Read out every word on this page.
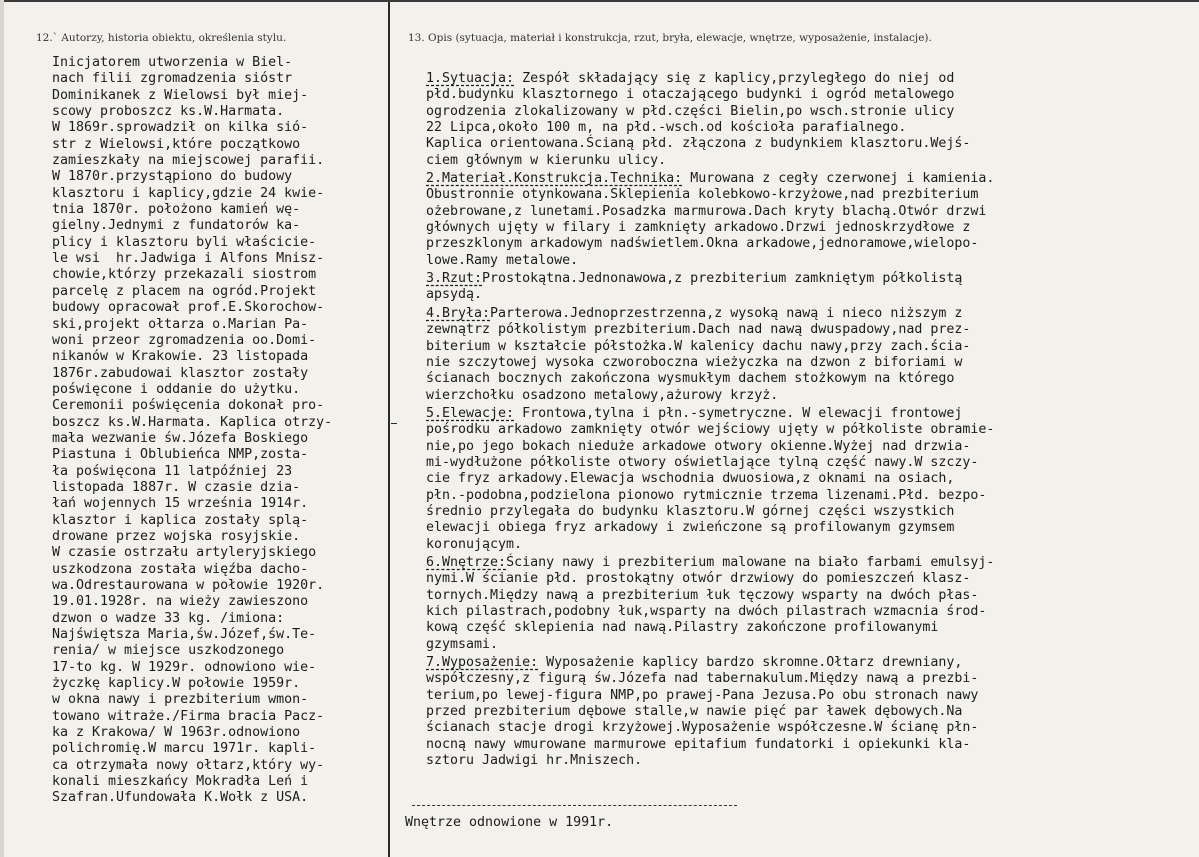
12.` Autorzy, historia obiektu, określenia stylu.	13. Opis (sytuacja, materiał i konstrukcja, rzut, bryła, elewacje, wnętrze, wyposażenie, instalacje).
Inicjatorem utworzenia w Biel-
nach filii zgromadzenia sióstr
Dominikanek z Wielowsi był miej-
scowy proboszcz ks.W.Harmata.
W 1869r.sprowadził on kilka sió-
str z Wielowsi,które początkowo
zamieszkały na miejscowej parafii.
W 1870r.przystąpiono do budowy
klasztoru i kaplicy,gdzie 24 kwie-
tnia 1870r. położono kamień wę-
gielny.Jednymi z fundatorów ka-
plicy i klasztoru byli właścicie-
le wsi  hr.Jadwiga i Alfons Mnisz-
chowie,którzy przekazali siostrom
parcelę z placem na ogród.Projekt
budowy opracował prof.E.Skorochow-
ski,projekt ołtarza o.Marian Pa-
woni przeor zgromadzenia oo.Domi-
nikanów w Krakowie. 23 listopada
1876r.zabudowai klasztor zostały
poświęcone i oddanie do użytku.
Ceremonii poświęcenia dokonał pro-
boszcz ks.W.Harmata. Kaplica otrzy-
mała wezwanie św.Józefa Boskiego
Piastuna i Oblubieńca NMP,zosta-
ła poświęcona 11 latpóźniej 23
listopada 1887r. W czasie dzia-
łań wojennych 15 września 1914r.
klasztor i kaplica zostały splą-
drowane przez wojska rosyjskie.
W czasie ostrzału artyleryjskiego
uszkodzona została więźba dacho-
wa.Odrestaurowana w połowie 1920r.
19.01.1928r. na wieży zawieszono
dzwon o wadze 33 kg. /imiona:
Najświętsza Maria,św.Józef,św.Te-
renia/ w miejsce uszkodzonego
17-to kg. W 1929r. odnowiono wie-
życzkę kaplicy.W połowie 1959r.
w okna nawy i prezbiterium wmon-
towano witraże./Firma bracia Pacz-
ka z Krakowa/ W 1963r.odnowiono
polichromię.W marcu 1971r. kapli-
ca otrzymała nowy ołtarz,który wy-
konali mieszkańcy Mokradła Leń i
Szafran.Ufundowała K.Wołk z USA.
1.Sytuacja: Zespół składający się z kaplicy,przyległego do niej od
płd.budynku klasztornego i otaczającego budynki i ogród metalowego
ogrodzenia zlokalizowany w płd.części Bielin,po wsch.stronie ulicy
22 Lipca,około 100 m, na płd.-wsch.od kościoła parafialnego.
Kaplica orientowana.Ścianą płd. złączona z budynkiem klasztoru.Wejś-
ciem głównym w kierunku ulicy.
2.Materiał.Konstrukcja.Technika: Murowana z cegły czerwonej i kamienia.
Obustronnie otynkowana.Sklepienia kolebkowo-krzyżowe,nad prezbiterium
ożebrowane,z lunetami.Posadzka marmurowa.Dach kryty blachą.Otwór drzwi
głównych ujęty w filary i zamknięty arkadowo.Drzwi jednoskrzydłowe z
przeszklonym arkadowym nadświetlem.Okna arkadowe,jednoramowe,wielopo-
lowe.Ramy metalowe.
3.Rzut:Prostokątna.Jednonawowa,z prezbiterium zamkniętym półkolistą
apsydą.
4.Bryła:Parterowa.Jednoprzestrzenna,z wysoką nawą i nieco niższym z
zewnątrz półkolistym prezbiterium.Dach nad nawą dwuspadowy,nad prez-
biterium w kształcie półstożka.W kalenicy dachu nawy,przy zach.ścia-
nie szczytowej wysoka czworoboczna wieżyczka na dzwon z biforiami w
ścianach bocznych zakończona wysmukłym dachem stożkowym na którego
wierzchołku osadzono metalowy,ażurowy krzyż.
5.Elewacje: Frontowa,tylna i płn.-symetryczne. W elewacji frontowej
pośrodku arkadowo zamknięty otwór wejściowy ujęty w półkoliste obramie-
nie,po jego bokach nieduże arkadowe otwory okienne.Wyżej nad drzwia-
mi-wydłużone półkoliste otwory oświetlające tylną część nawy.W szczy-
cie fryz arkadowy.Elewacja wschodnia dwuosiowa,z oknami na osiach,
płn.-podobna,podzielona pionowo rytmicznie trzema lizenami.Płd. bezpo-
średnio przylegała do budynku klasztoru.W górnej części wszystkich
elewacji obiega fryz arkadowy i zwieńczone są profilowanym gzymsem
koronującym.
6.Wnętrze:Ściany nawy i prezbiterium malowane na biało farbami emulsyj-
nymi.W ścianie płd. prostokątny otwór drzwiowy do pomieszczeń klasz-
tornych.Między nawą a prezbiterium łuk tęczowy wsparty na dwóch płas-
kich pilastrach,podobny łuk,wsparty na dwóch pilastrach wzmacnia środ-
kową część sklepienia nad nawą.Pilastry zakończone profilowanymi
gzymsami.
7.Wyposażenie: Wyposażenie kaplicy bardzo skromne.Ołtarz drewniany,
współczesny,z figurą św.Józefa nad tabernakulum.Między nawą a prezbi-
terium,po lewej-figura NMP,po prawej-Pana Jezusa.Po obu stronach nawy
przed prezbiterium dębowe stalle,w nawie pięć par ławek dębowych.Na
ścianach stacje drogi krzyżowej.Wyposażenie współczesne.W ścianę płn-
nocną nawy wmurowane marmurowe epitafium fundatorki i opiekunki kla-
sztoru Jadwigi hr.Mniszech.
Wnętrze odnowione w 1991r.
